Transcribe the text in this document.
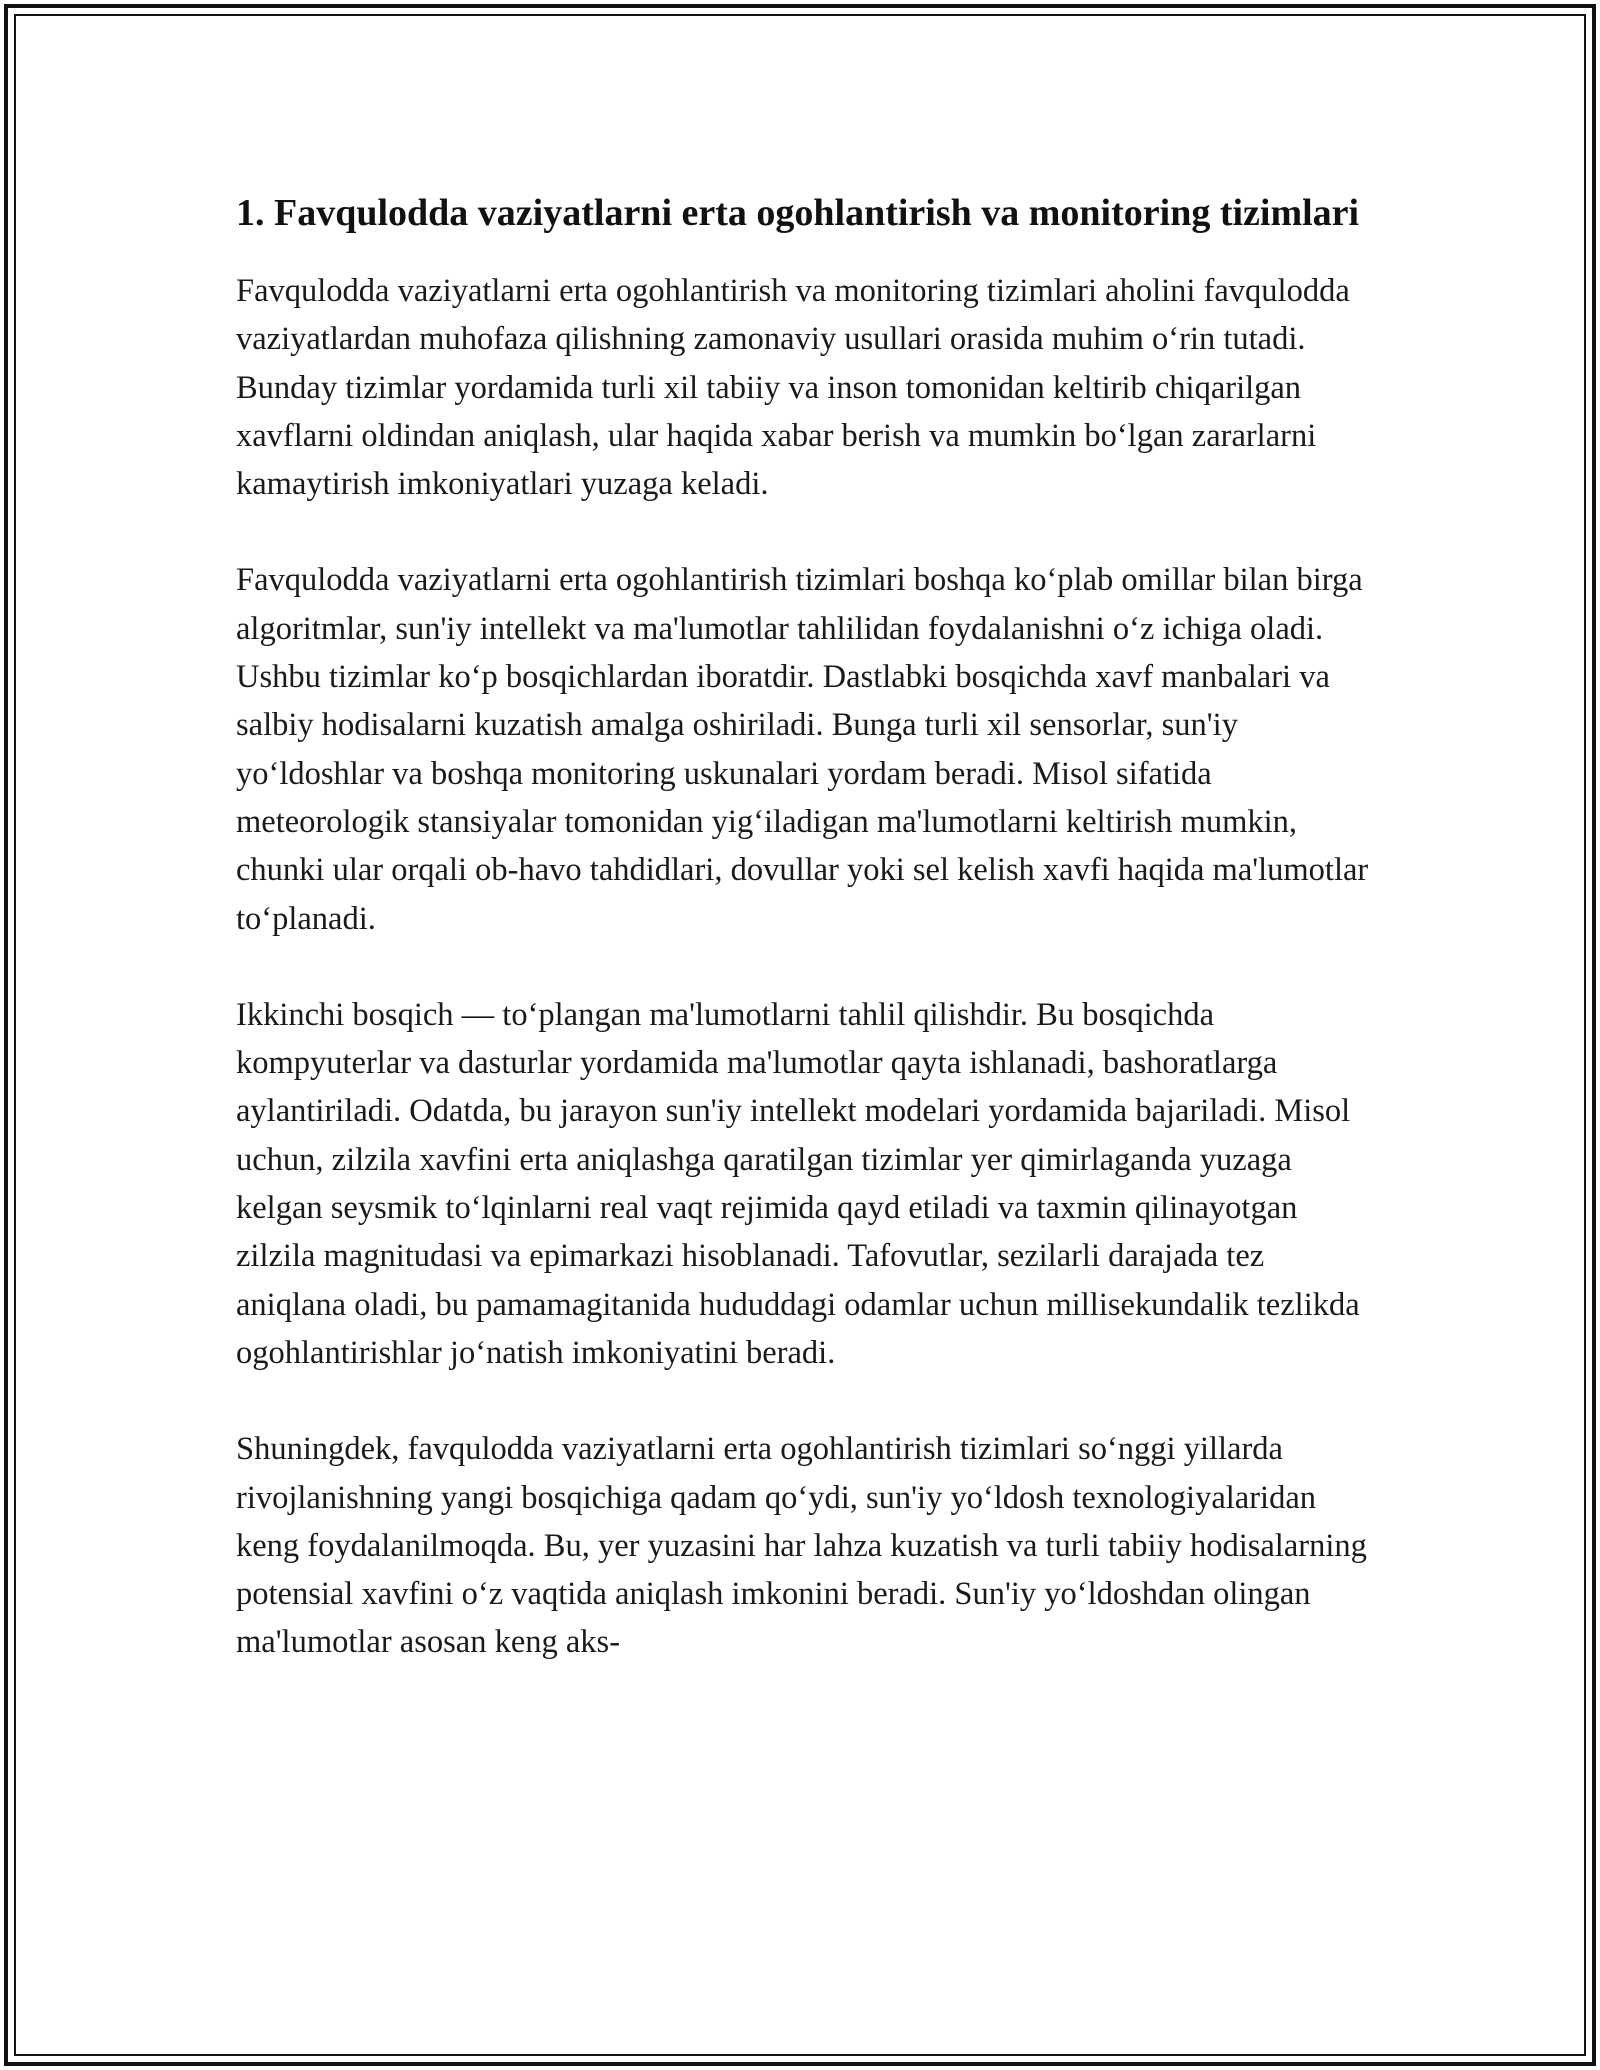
1. Favqulodda vaziyatlarni erta ogohlantirish va monitoring tizimlari

Favqulodda vaziyatlarni erta ogohlantirish va monitoring tizimlari aholini favqulodda vaziyatlardan muhofaza qilishning zamonaviy usullari orasida muhim o‘rin tutadi. Bunday tizimlar yordamida turli xil tabiiy va inson tomonidan keltirib chiqarilgan xavflarni oldindan aniqlash, ular haqida xabar berish va mumkin bo‘lgan zararlarni kamaytirish imkoniyatlari yuzaga keladi.

Favqulodda vaziyatlarni erta ogohlantirish tizimlari boshqa ko‘plab omillar bilan birga algoritmlar, sun'iy intellekt va ma'lumotlar tahlilidan foydalanishni o‘z ichiga oladi. Ushbu tizimlar ko‘p bosqichlardan iboratdir. Dastlabki bosqichda xavf manbalari va salbiy hodisalarni kuzatish amalga oshiriladi. Bunga turli xil sensorlar, sun'iy yo‘ldoshlar va boshqa monitoring uskunalari yordam beradi. Misol sifatida meteorologik stansiyalar tomonidan yig‘iladigan ma'lumotlarni keltirish mumkin, chunki ular orqali ob-havo tahdidlari, dovullar yoki sel kelish xavfi haqida ma'lumotlar to‘planadi.

Ikkinchi bosqich — to‘plangan ma'lumotlarni tahlil qilishdir. Bu bosqichda kompyuterlar va dasturlar yordamida ma'lumotlar qayta ishlanadi, bashoratlarga aylantiriladi. Odatda, bu jarayon sun'iy intellekt modelari yordamida bajariladi. Misol uchun, zilzila xavfini erta aniqlashga qaratilgan tizimlar yer qimirlaganda yuzaga kelgan seysmik to‘lqinlarni real vaqt rejimida qayd etiladi va taxmin qilinayotgan zilzila magnitudasi va epimarkazi hisoblanadi. Tafovutlar, sezilarli darajada tez aniqlana oladi, bu pamamagitanida hududdagi odamlar uchun millisekundalik tezlikda ogohlantirishlar jo‘natish imkoniyatini beradi.

Shuningdek, favqulodda vaziyatlarni erta ogohlantirish tizimlari so‘nggi yillarda rivojlanishning yangi bosqichiga qadam qo‘ydi, sun'iy yo‘ldosh texnologiyalaridan keng foydalanilmoqda. Bu, yer yuzasini har lahza kuzatish va turli tabiiy hodisalarning potensial xavfini o‘z vaqtida aniqlash imkonini beradi. Sun'iy yo‘ldoshdan olingan ma'lumotlar asosan keng aks-
